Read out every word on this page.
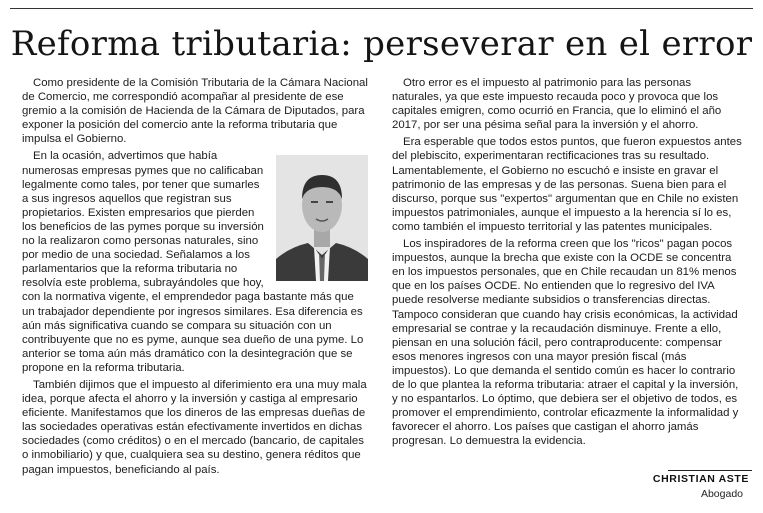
Reforma tributaria: perseverar en el error

Como presidente de la Comisión Tributaria de la Cámara Nacional de Comercio, me correspondió acompañar al presidente de ese gremio a la comisión de Hacienda de la Cámara de Diputados, para exponer la posición del comercio ante la reforma tributaria que impulsa el Gobierno.

En la ocasión, advertimos que había numerosas empresas pymes que no calificaban legalmente como tales, por tener que sumarles a sus ingresos aquellos que registran sus propietarios. Existen empresarios que pierden los beneficios de las pymes porque su inversión no la realizaron como personas naturales, sino por medio de una sociedad. Señalamos a los parlamentarios que la reforma tributaria no resolvía este problema, subrayándoles que hoy, con la normativa vigente, el emprendedor paga bastante más que un trabajador dependiente por ingresos similares. Esa diferencia es aún más significativa cuando se compara su situación con un contribuyente que no es pyme, aunque sea dueño de una pyme. Lo anterior se toma aún más dramático con la desintegración que se propone en la reforma tributaria.

También dijimos que el impuesto al diferimiento era una muy mala idea, porque afecta el ahorro y la inversión y castiga al empresario eficiente. Manifestamos que los dineros de las empresas dueñas de las sociedades operativas están efectivamente invertidos en dichas sociedades (como créditos) o en el mercado (bancario, de capitales o inmobiliario) y que, cualquiera sea su destino, genera réditos que pagan impuestos, beneficiando al país.

Otro error es el impuesto al patrimonio para las personas naturales, ya que este impuesto recauda poco y provoca que los capitales emigren, como ocurrió en Francia, que lo eliminó el año 2017, por ser una pésima señal para la inversión y el ahorro.

Era esperable que todos estos puntos, que fueron expuestos antes del plebiscito, experimentaran rectificaciones tras su resultado. Lamentablemente, el Gobierno no escuchó e insiste en gravar el patrimonio de las empresas y de las personas. Suena bien para el discurso, porque sus "expertos" argumentan que en Chile no existen impuestos patrimoniales, aunque el impuesto a la herencia sí lo es, como también el impuesto territorial y las patentes municipales.

Los inspiradores de la reforma creen que los "ricos" pagan pocos impuestos, aunque la brecha que existe con la OCDE se concentra en los impuestos personales, que en Chile recaudan un 81% menos que en los países OCDE. No entienden que lo regresivo del IVA puede resolverse mediante subsidios o transferencias directas. Tampoco consideran que cuando hay crisis económicas, la actividad empresarial se contrae y la recaudación disminuye. Frente a ello, piensan en una solución fácil, pero contraproducente: compensar esos menores ingresos con una mayor presión fiscal (más impuestos). Lo que demanda el sentido común es hacer lo contrario de lo que plantea la reforma tributaria: atraer el capital y la inversión, y no espantarlos. Lo óptimo, que debiera ser el objetivo de todos, es promover el emprendimiento, controlar eficazmente la informalidad y favorecer el ahorro. Los países que castigan el ahorro jamás progresan. Lo demuestra la evidencia.

CHRISTIAN ASTE
Abogado
